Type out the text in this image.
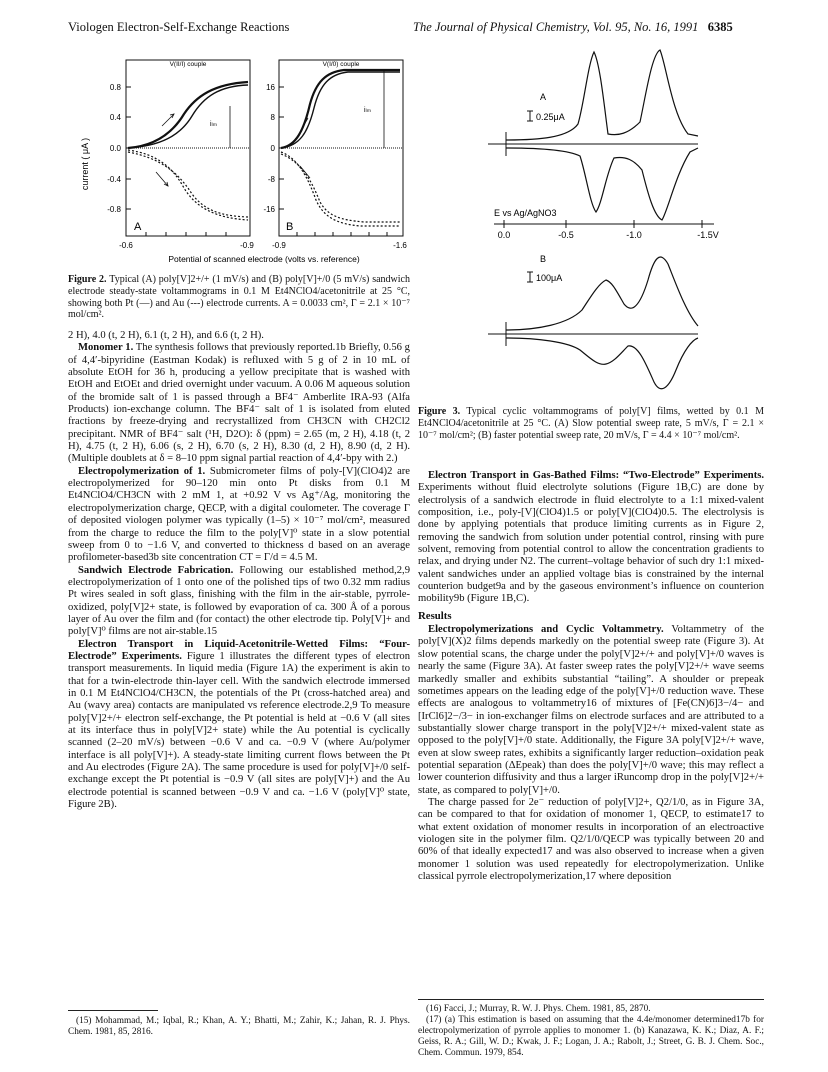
Viologen Electron-Self-Exchange Reactions	The Journal of Physical Chemistry, Vol. 95, No. 16, 1991 6385
current ( μA )
V(II/I) couple
0.8
0.4
0.0
-0.4
-0.8
iₗₘ
A
-0.6	-0.9
V(I/0) couple
16
8
0
-8
-16
iₗₘ
B
-0.9	-1.6
Potential of scanned electrode (volts vs. reference)
Figure 2. Typical (A) poly[V]2+/+ (1 mV/s) and (B) poly[V]+/0 (5 mV/s) sandwich electrode steady-state voltammograms in 0.1 M Et4NClO4/acetonitrile at 25 °C, showing both Pt (—) and Au (---) electrode currents. A = 0.0033 cm², Γ = 2.1 × 10⁻⁷ mol/cm².
A
0.25μA
E vs Ag/AgNO3
0.0	-0.5	-1.0	-1.5V
B
100μA
Figure 3. Typical cyclic voltammograms of poly[V] films, wetted by 0.1 M Et4NClO4/acetonitrile at 25 °C. (A) Slow potential sweep rate, 5 mV/s, Γ = 2.1 × 10⁻⁷ mol/cm²; (B) faster potential sweep rate, 20 mV/s, Γ = 4.4 × 10⁻⁷ mol/cm².

2 H), 4.0 (t, 2 H), 6.1 (t, 2 H), and 6.6 (t, 2 H).

Monomer 1. The synthesis follows that previously reported.1b Briefly, 0.56 g of 4,4′-bipyridine (Eastman Kodak) is refluxed with 5 g of 2 in 10 mL of absolute EtOH for 36 h, producing a yellow precipitate that is washed with EtOH and EtOEt and dried overnight under vacuum. A 0.06 M aqueous solution of the bromide salt of 1 is passed through a BF4⁻ Amberlite IRA-93 (Alfa Products) ion-exchange column. The BF4⁻ salt of 1 is isolated from eluted fractions by freeze-drying and recrystallized from CH3CN with CH2Cl2 precipitant. NMR of BF4⁻ salt (¹H, D2O): δ (ppm) = 2.65 (m, 2 H), 4.18 (t, 2 H), 4.75 (t, 2 H), 6.06 (s, 2 H), 6.70 (s, 2 H), 8.30 (d, 2 H), 8.90 (d, 2 H). (Multiple doublets at δ = 8–10 ppm signal partial reaction of 4,4′-bpy with 2.)

Electropolymerization of 1. Submicrometer films of poly-[V](ClO4)2 are electropolymerized for 90–120 min onto Pt disks from 0.1 M Et4NClO4/CH3CN with 2 mM 1, at +0.92 V vs Ag⁺/Ag, monitoring the electropolymerization charge, QECP, with a digital coulometer. The coverage Γ of deposited viologen polymer was typically (1–5) × 10⁻⁷ mol/cm², measured from the charge to reduce the film to the poly[V]⁰ state in a slow potential sweep from 0 to −1.6 V, and converted to thickness d based on an average profilometer-based3b site concentration CT = Γ/d = 4.5 M.

Sandwich Electrode Fabrication. Following our established method,2,9 electropolymerization of 1 onto one of the polished tips of two 0.32 mm radius Pt wires sealed in soft glass, finishing with the film in the air-stable, pyrrole-oxidized, poly[V]2+ state, is followed by evaporation of ca. 300 Å of a porous layer of Au over the film and (for contact) the other electrode tip. Poly[V]+ and poly[V]⁰ films are not air-stable.15

Electron Transport in Liquid-Acetonitrile-Wetted Films: “Four-Electrode” Experiments. Figure 1 illustrates the different types of electron transport measurements. In liquid media (Figure 1A) the experiment is akin to that for a twin-electrode thin-layer cell. With the sandwich electrode immersed in 0.1 M Et4NClO4/CH3CN, the potentials of the Pt (cross-hatched area) and Au (wavy area) contacts are manipulated vs reference electrode.2,9 To measure poly[V]2+/+ electron self-exchange, the Pt potential is held at −0.6 V (all sites at its interface thus in poly[V]2+ state) while the Au potential is cyclically scanned (2–20 mV/s) between −0.6 V and ca. −0.9 V (where Au/polymer interface is all poly[V]+). A steady-state limiting current flows between the Pt and Au electrodes (Figure 2A). The same procedure is used for poly[V]+/0 self-exchange except the Pt potential is −0.9 V (all sites are poly[V]+) and the Au electrode potential is scanned between −0.9 V and ca. −1.6 V (poly[V]⁰ state, Figure 2B).

(15) Mohammad, M.; Iqbal, R.; Khan, A. Y.; Bhatti, M.; Zahir, K.; Jahan, R. J. Phys. Chem. 1981, 85, 2816.

Electron Transport in Gas-Bathed Films: “Two-Electrode” Experiments. Experiments without fluid electrolyte solutions (Figure 1B,C) are done by electrolysis of a sandwich electrode in fluid electrolyte to a 1:1 mixed-valent composition, i.e., poly-[V](ClO4)1.5 or poly[V](ClO4)0.5. The electrolysis is done by applying potentials that produce limiting currents as in Figure 2, removing the sandwich from solution under potential control, rinsing with pure solvent, removing from potential control to allow the concentration gradients to relax, and drying under N2. The current–voltage behavior of such dry 1:1 mixed-valent sandwiches under an applied voltage bias is constrained by the internal counterion budget9a and by the gaseous environment’s influence on counterion mobility9b (Figure 1B,C).

Results

Electropolymerizations and Cyclic Voltammetry. Voltammetry of the poly[V](X)2 films depends markedly on the potential sweep rate (Figure 3). At slow potential scans, the charge under the poly[V]2+/+ and poly[V]+/0 waves is nearly the same (Figure 3A). At faster sweep rates the poly[V]2+/+ wave seems markedly smaller and exhibits substantial “tailing”. A shoulder or prepeak sometimes appears on the leading edge of the poly[V]+/0 reduction wave. These effects are analogous to voltammetry16 of mixtures of [Fe(CN)6]3−/4− and [IrCl6]2−/3− in ion-exchanger films on electrode surfaces and are attributed to a substantially slower charge transport in the poly[V]2+/+ mixed-valent state as opposed to the poly[V]+/0 state. Additionally, the Figure 3A poly[V]2+/+ wave, even at slow sweep rates, exhibits a significantly larger reduction–oxidation peak potential separation (ΔEpeak) than does the poly[V]+/0 wave; this may reflect a lower counterion diffusivity and thus a larger iRuncomp drop in the poly[V]2+/+ state, as compared to poly[V]+/0.

The charge passed for 2e⁻ reduction of poly[V]2+, Q2/1/0, as in Figure 3A, can be compared to that for oxidation of monomer 1, QECP, to estimate17 to what extent oxidation of monomer results in incorporation of an electroactive viologen site in the polymer film. Q2/1/0/QECP was typically between 20 and 60% of that ideally expected17 and was also observed to increase when a given monomer 1 solution was used repeatedly for electropolymerization. Unlike classical pyrrole electropolymerization,17 where deposition

(16) Facci, J.; Murray, R. W. J. Phys. Chem. 1981, 85, 2870.

(17) (a) This estimation is based on assuming that the 4.4e/monomer determined17b for electropolymerization of pyrrole applies to monomer 1. (b) Kanazawa, K. K.; Diaz, A. F.; Geiss, R. A.; Gill, W. D.; Kwak, J. F.; Logan, J. A.; Rabolt, J.; Street, G. B. J. Chem. Soc., Chem. Commun. 1979, 854.
